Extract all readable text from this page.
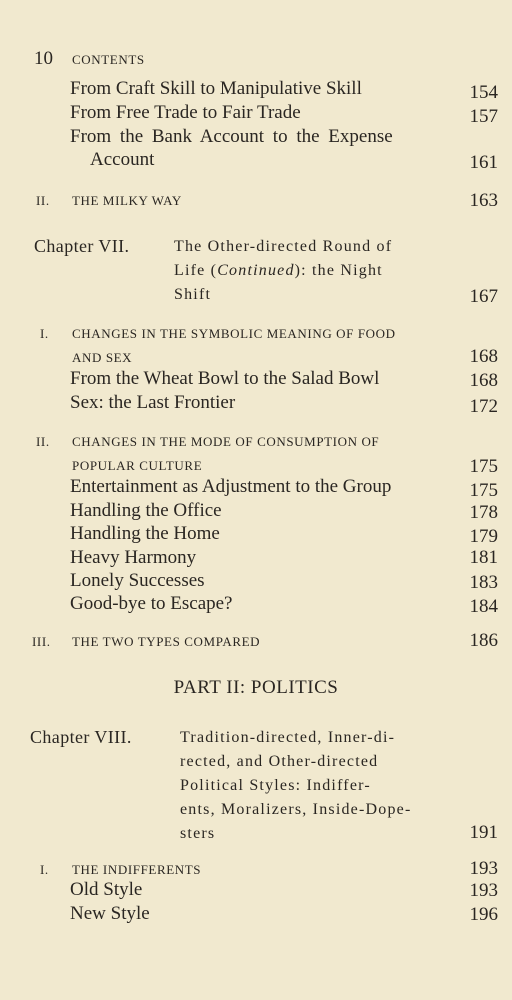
10 CONTENTS
From Craft Skill to Manipulative Skill	154
From Free Trade to Fair Trade	157
From the Bank Account to the Expense
Account	161
II. THE MILKY WAY	163
Chapter VII.	The Other-directed Round of
Life (Continued): the Night
Shift	167
I. CHANGES IN THE SYMBOLIC MEANING OF FOOD
AND SEX	168
From the Wheat Bowl to the Salad Bowl	168
Sex: the Last Frontier	172
II. CHANGES IN THE MODE OF CONSUMPTION OF
POPULAR CULTURE	175
Entertainment as Adjustment to the Group	175
Handling the Office	178
Handling the Home	179
Heavy Harmony	181
Lonely Successes	183
Good-bye to Escape?	184
III. THE TWO TYPES COMPARED	186
PART II: POLITICS
Chapter VIII.	Tradition-directed, Inner-di-
rected, and Other-directed
Political Styles: Indiffer-
ents, Moralizers, Inside-Dope-
sters	191
I. THE INDIFFERENTS	193
Old Style	193
New Style	196
